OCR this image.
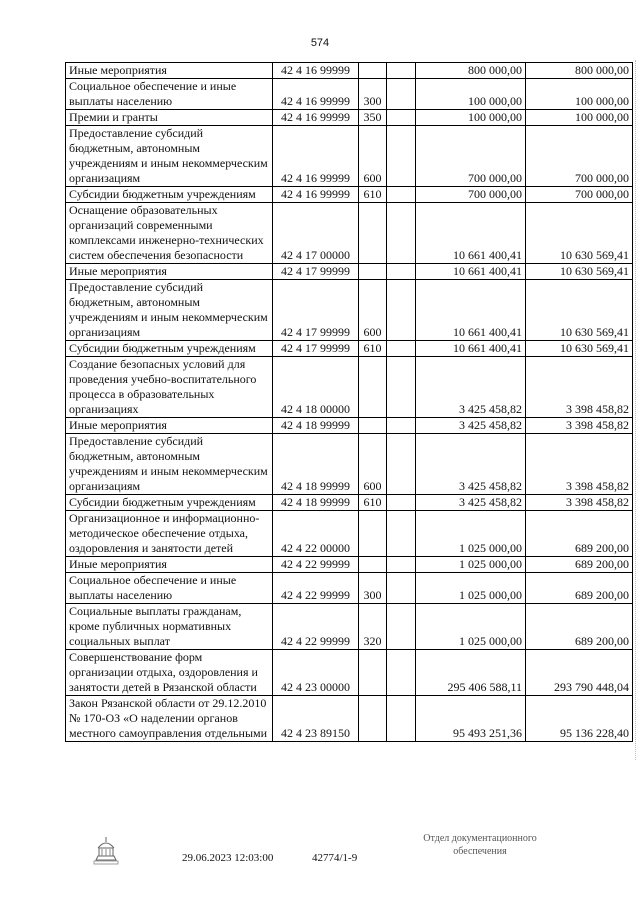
574
Иные мероприятия	42 4 16 99999			800 000,00	800 000,00
Социальное обеспечение и иные выплаты населению	42 4 16 99999	300		100 000,00	100 000,00
Премии и гранты	42 4 16 99999	350		100 000,00	100 000,00
Предоставление субсидий бюджетным, автономным учреждениям и иным некоммерческим организациям	42 4 16 99999	600		700 000,00	700 000,00
Субсидии бюджетным учреждениям	42 4 16 99999	610		700 000,00	700 000,00
Оснащение образовательных организаций современными комплексами инженерно-технических систем обеспечения безопасности	42 4 17 00000			10 661 400,41	10 630 569,41
Иные мероприятия	42 4 17 99999			10 661 400,41	10 630 569,41
Предоставление субсидий бюджетным, автономным учреждениям и иным некоммерческим организациям	42 4 17 99999	600		10 661 400,41	10 630 569,41
Субсидии бюджетным учреждениям	42 4 17 99999	610		10 661 400,41	10 630 569,41
Создание безопасных условий для проведения учебно-воспитательного процесса в образовательных организациях	42 4 18 00000			3 425 458,82	3 398 458,82
Иные мероприятия	42 4 18 99999			3 425 458,82	3 398 458,82
Предоставление субсидий бюджетным, автономным учреждениям и иным некоммерческим организациям	42 4 18 99999	600		3 425 458,82	3 398 458,82
Субсидии бюджетным учреждениям	42 4 18 99999	610		3 425 458,82	3 398 458,82
Организационное и информационно-методическое обеспечение отдыха, оздоровления и занятости детей	42 4 22 00000			1 025 000,00	689 200,00
Иные мероприятия	42 4 22 99999			1 025 000,00	689 200,00
Социальное обеспечение и иные выплаты населению	42 4 22 99999	300		1 025 000,00	689 200,00
Социальные выплаты гражданам, кроме публичных нормативных социальных выплат	42 4 22 99999	320		1 025 000,00	689 200,00
Совершенствование форм организации отдыха, оздоровления и занятости детей в Рязанской области	42 4 23 00000			295 406 588,11	293 790 448,04
Закон Рязанской области от 29.12.2010 № 170-ОЗ «О наделении органов местного самоуправления отдельными	42 4 23 89150			95 493 251,36	95 136 228,40
29.06.2023 12:03:00	42774/1-9
Отдел документационного
обеспечения
